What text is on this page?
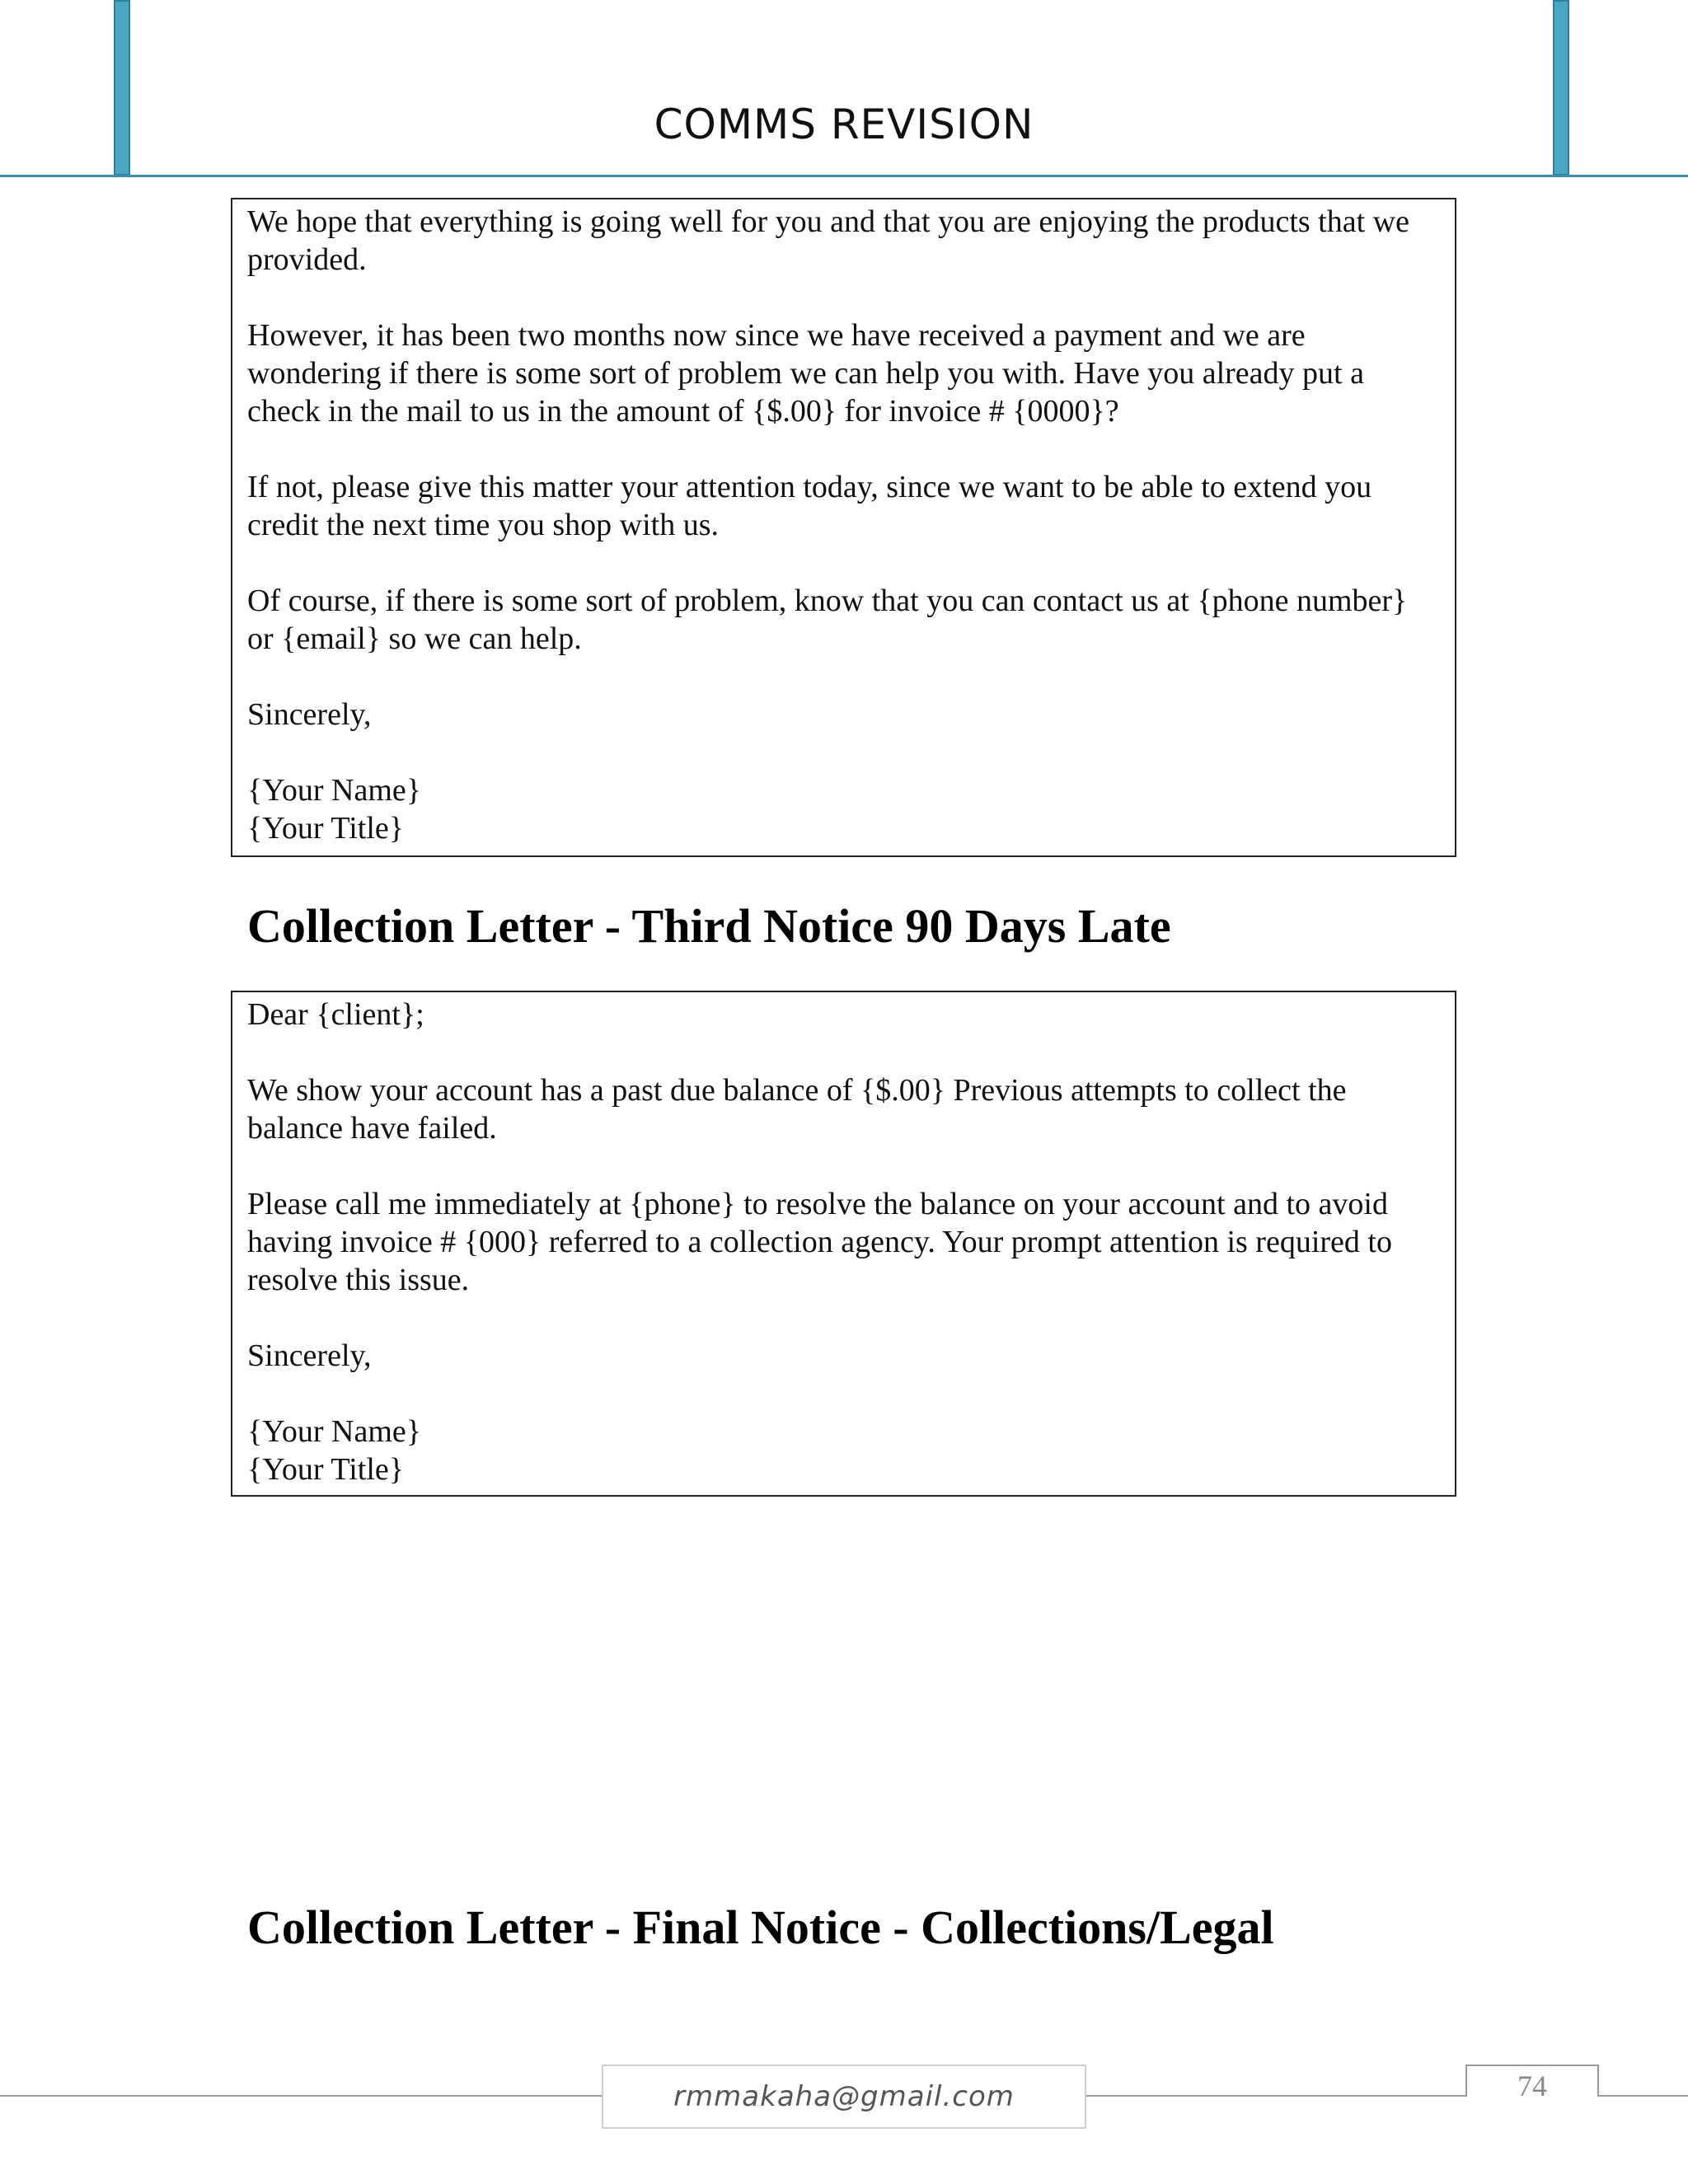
COMMS REVISION

We hope that everything is going well for you and that you are enjoying the products that we provided.

However, it has been two months now since we have received a payment and we are wondering if there is some sort of problem we can help you with. Have you already put a check in the mail to us in the amount of {$.00} for invoice # {0000}?

If not, please give this matter your attention today, since we want to be able to extend you credit the next time you shop with us.

Of course, if there is some sort of problem, know that you can contact us at {phone number} or {email} so we can help.

Sincerely,

{Your Name}
{Your Title}

Collection Letter - Third Notice 90 Days Late

Dear {client};

We show your account has a past due balance of {$.00} Previous attempts to collect the balance have failed.

Please call me immediately at {phone} to resolve the balance on your account and to avoid having invoice # {000} referred to a collection agency. Your prompt attention is required to resolve this issue.

Sincerely,

{Your Name}
{Your Title}

Collection Letter - Final Notice - Collections/Legal
rmmakaha@gmail.com	74
